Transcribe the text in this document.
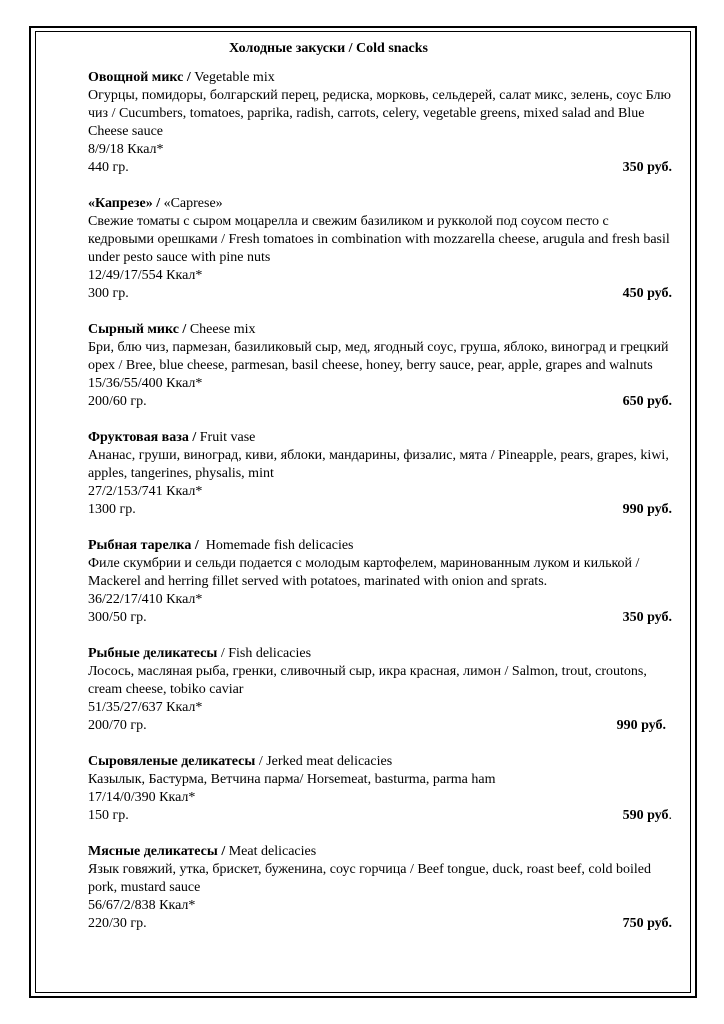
Холодные закуски / Cold snacks
Овощной микс / Vegetable mix
Огурцы, помидоры, болгарский перец, редиска, морковь, сельдерей, салат микс, зелень, соус Блю чиз / Cucumbers, tomatoes, paprika, radish, carrots, celery, vegetable greens, mixed salad and Blue Cheese sauce
8/9/18 Ккал*
440 гр.	350 руб.
«Капрезе» / «Caprese»
Свежие томаты с сыром моцарелла и свежим базиликом и рукколой под соусом песто с кедровыми орешками / Fresh tomatoes in combination with mozzarella cheese, arugula and fresh basil under pesto sauce with pine nuts
12/49/17/554 Ккал*
300 гр.	450 руб.
Сырный микс / Cheese mix
Бри, блю чиз, пармезан, базиликовый сыр, мед, ягодный соус, груша, яблоко, виноград и грецкий орех / Bree, blue cheese, parmesan, basil cheese, honey, berry sauce, pear, apple, grapes and walnuts
15/36/55/400 Ккал*
200/60 гр.	650 руб.
Фруктовая ваза / Fruit vase
Ананас, груши, виноград, киви, яблоки, мандарины, физалис, мята / Pineapple, pears, grapes, kiwi, apples, tangerines, physalis, mint
27/2/153/741 Ккал*
1300 гр.	990 руб.
Рыбная тарелка / Homemade fish delicacies
Филе скумбрии и сельди подается с молодым картофелем, маринованным луком и килькой / Mackerel and herring fillet served with potatoes, marinated with onion and sprats.
36/22/17/410 Ккал*
300/50 гр.	350 руб.
Рыбные деликатесы / Fish delicacies
Лосось, масляная рыба, гренки, сливочный сыр, икра красная, лимон / Salmon, trout, croutons, cream cheese, tobiko caviar
51/35/27/637 Ккал*
200/70 гр.	990 руб.
Сыровяленые деликатесы / Jerked meat delicacies
Казылык, Бастурма, Ветчина парма/ Horsemeat, basturma, parma ham
17/14/0/390 Ккал*
150 гр.	590 руб.
Мясные деликатесы / Meat delicacies
Язык говяжий, утка, брискет, буженина, соус горчица / Beef tongue, duck, roast beef, cold boiled pork, mustard sauce
56/67/2/838 Ккал*
220/30 гр.	750 руб.
